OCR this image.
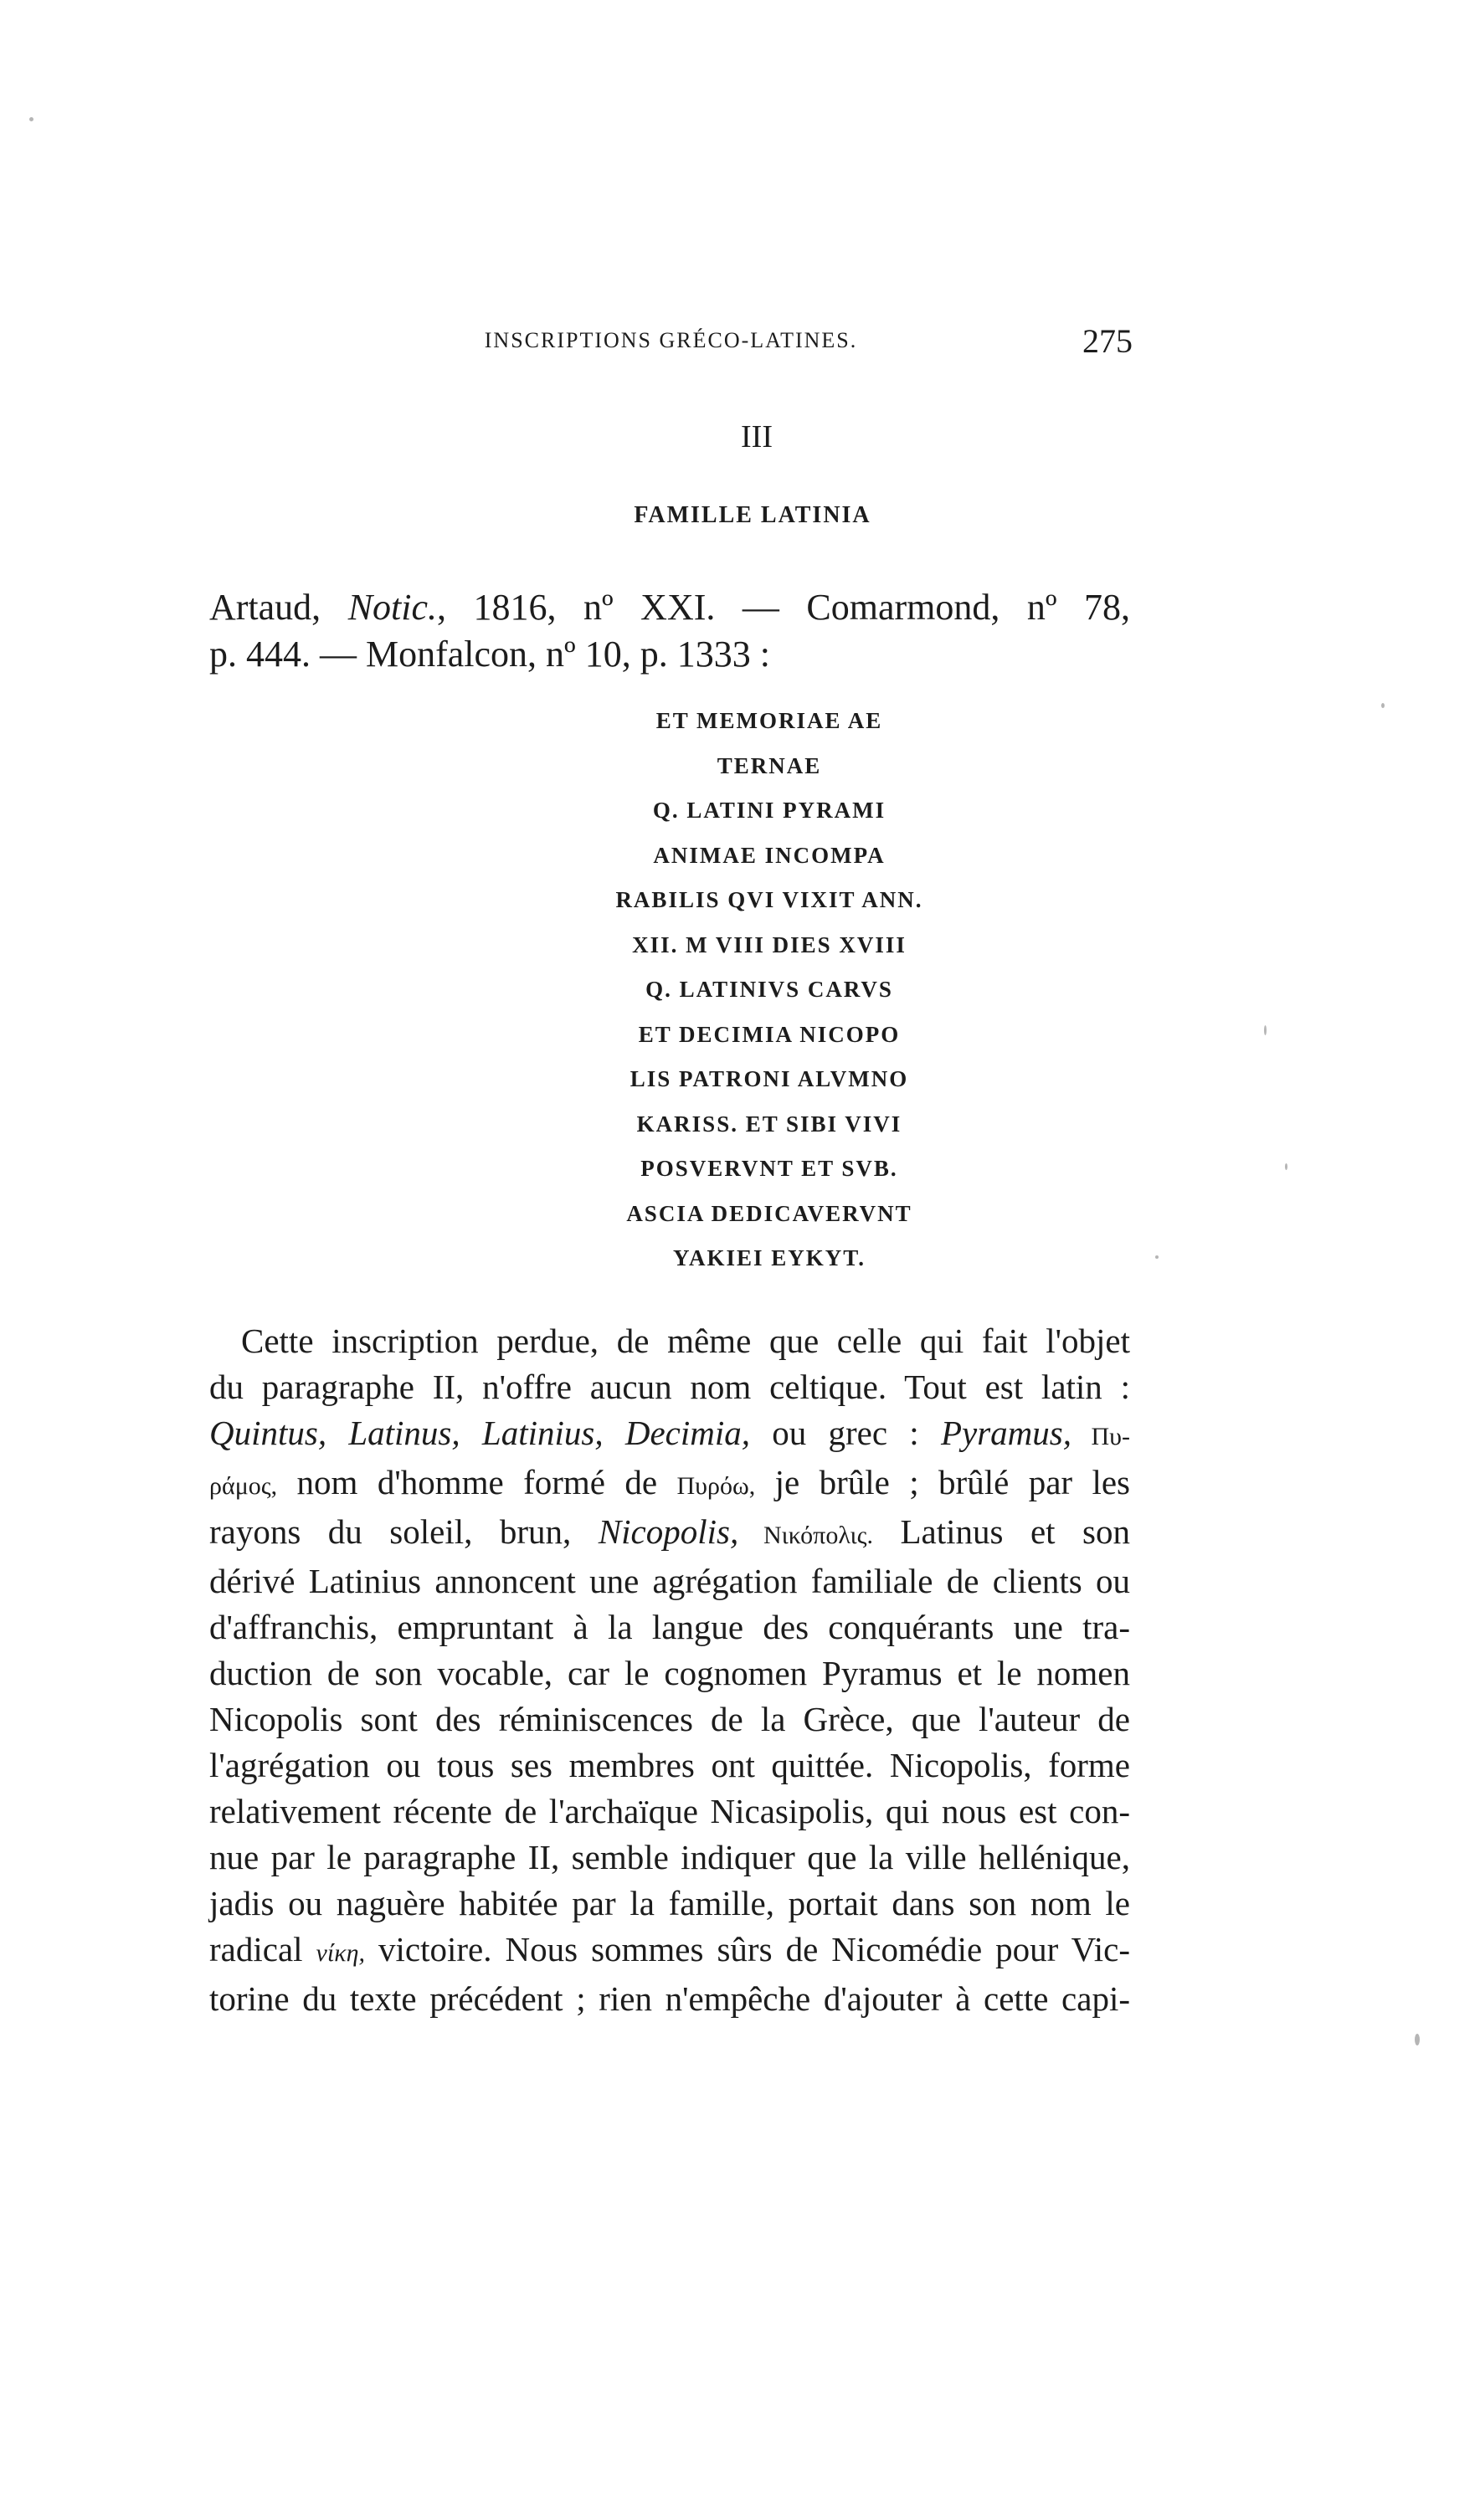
INSCRIPTIONS GRÉCO-LATINES.	275
III
FAMILLE LATINIA
Artaud, Notic., 1816, nº XXI. — Comarmond, nº 78,
p. 444. — Monfalcon, nº 10, p. 1333 :
ET MEMORIAE AE
TERNAE
Q. LATINI PYRAMI
ANIMAE INCOMPA
RABILIS QVI VIXIT ANN.
XII. M VIII DIES XVIII
Q. LATINIVS CARVS
ET DECIMIA NICOPO
LIS PATRONI ALVMNO
KARISS. ET SIBI VIVI
POSVERVNT ET SVB.
ASCIA DEDICAVERVNT
YAKIEI EYKYT.
Cette inscription perdue, de même que celle qui fait l'objet
du paragraphe II, n'offre aucun nom celtique. Tout est latin :
Quintus, Latinus, Latinius, Decimia, ou grec : Pyramus, Πυ-
ράμος, nom d'homme formé de Πυρόω, je brûle ; brûlé par les
rayons du soleil, brun, Nicopolis, Νικόπολις. Latinus et son
dérivé Latinius annoncent une agrégation familiale de clients ou
d'affranchis, empruntant à la langue des conquérants une tra-
duction de son vocable, car le cognomen Pyramus et le nomen
Nicopolis sont des réminiscences de la Grèce, que l'auteur de
l'agrégation ou tous ses membres ont quittée. Nicopolis, forme
relativement récente de l'archaïque Nicasipolis, qui nous est con-
nue par le paragraphe II, semble indiquer que la ville hellénique,
jadis ou naguère habitée par la famille, portait dans son nom le
radical νίκη, victoire. Nous sommes sûrs de Nicomédie pour Vic-
torine du texte précédent ; rien n'empêche d'ajouter à cette capi-
